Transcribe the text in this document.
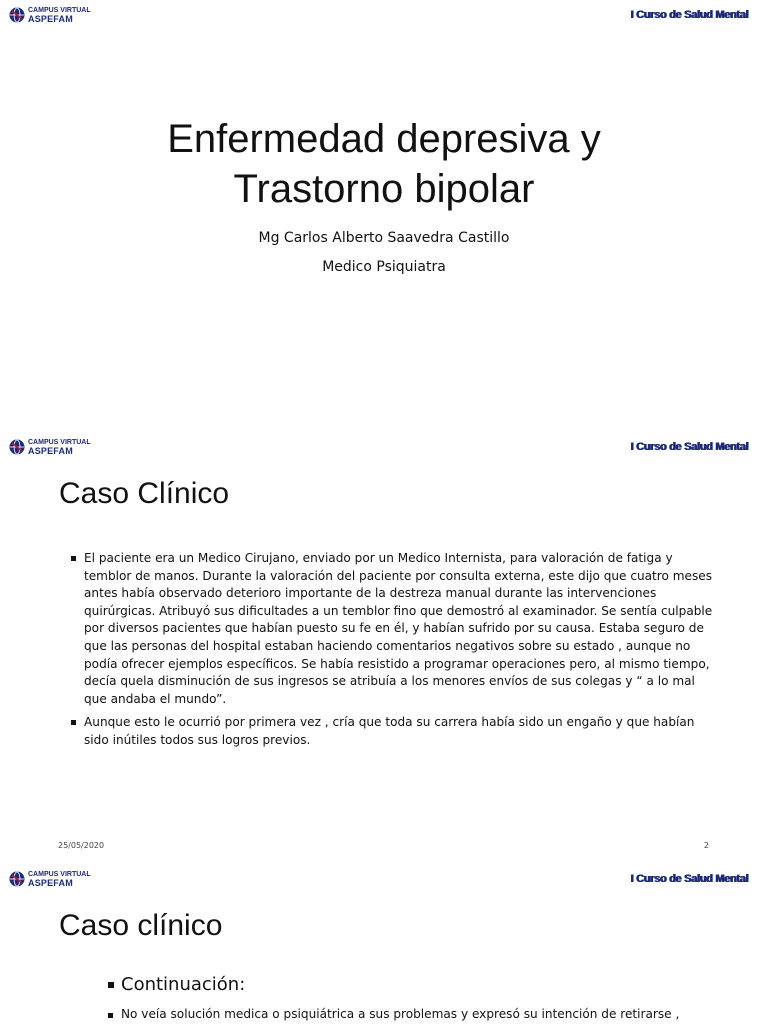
CAMPUS VIRTUAL
ASPEFAM	I Curso de Salud Mental
Enfermedad depresiva y
Trastorno bipolar
Mg Carlos Alberto Saavedra Castillo
Medico Psiquiatra
CAMPUS VIRTUAL
ASPEFAM	I Curso de Salud Mental
Caso Clínico
El paciente era un Medico Cirujano, enviado por un Medico Internista, para valoración de fatiga y temblor de manos. Durante la valoración del paciente por consulta externa, este dijo que cuatro meses antes había observado deterioro importante de la destreza manual durante las intervenciones quirúrgicas. Atribuyó sus dificultades a un temblor fino que demostró al examinador. Se sentía culpable por diversos pacientes que habían puesto su fe en él, y habían sufrido por su causa. Estaba seguro de que las personas del hospital estaban haciendo comentarios negativos sobre su estado , aunque no podía ofrecer ejemplos específicos. Se había resistido a programar operaciones pero, al mismo tiempo, decía quela disminución de sus ingresos se atribuía a los menores envíos de sus colegas y “ a lo mal que andaba el mundo”.
Aunque esto le ocurrió por primera vez , cría que toda su carrera había sido un engaño y que habían sido inútiles todos sus logros previos.
25/05/2020	2
CAMPUS VIRTUAL
ASPEFAM	I Curso de Salud Mental
Caso clínico
Continuación:
No veía solución medica o psiquiátrica a sus problemas y expresó su intención de retirarse ,
